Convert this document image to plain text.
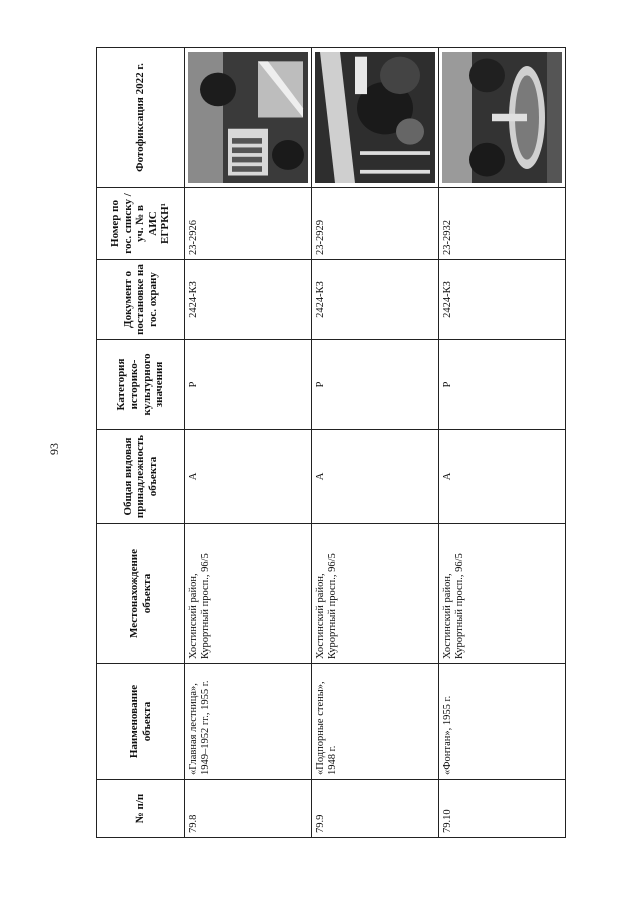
93
№ п/п	Наименование объекта	Местонахождение объекта	Общая видовая принадлежность объекта	Категория историко-культурного значения	Документ о постановке на гос. охрану	Номер по гос. списку /уч. № в АИС ЕГРКН¹	Фотофиксация 2022 г.
79.8	«Главная лестница», 1949–1952 гг., 1955 г.	Хостинский район, Курортный просп., 96/5	А	Р	2424-КЗ	23-2926	

79.9	«Подпорные стены», 1948 г.	Хостинский район, Курортный просп., 96/5	А	Р	2424-КЗ	23-2929	

79.10	«Фонтан», 1955 г.	Хостинский район, Курортный просп., 96/5	А	Р	2424-КЗ	23-2932	
